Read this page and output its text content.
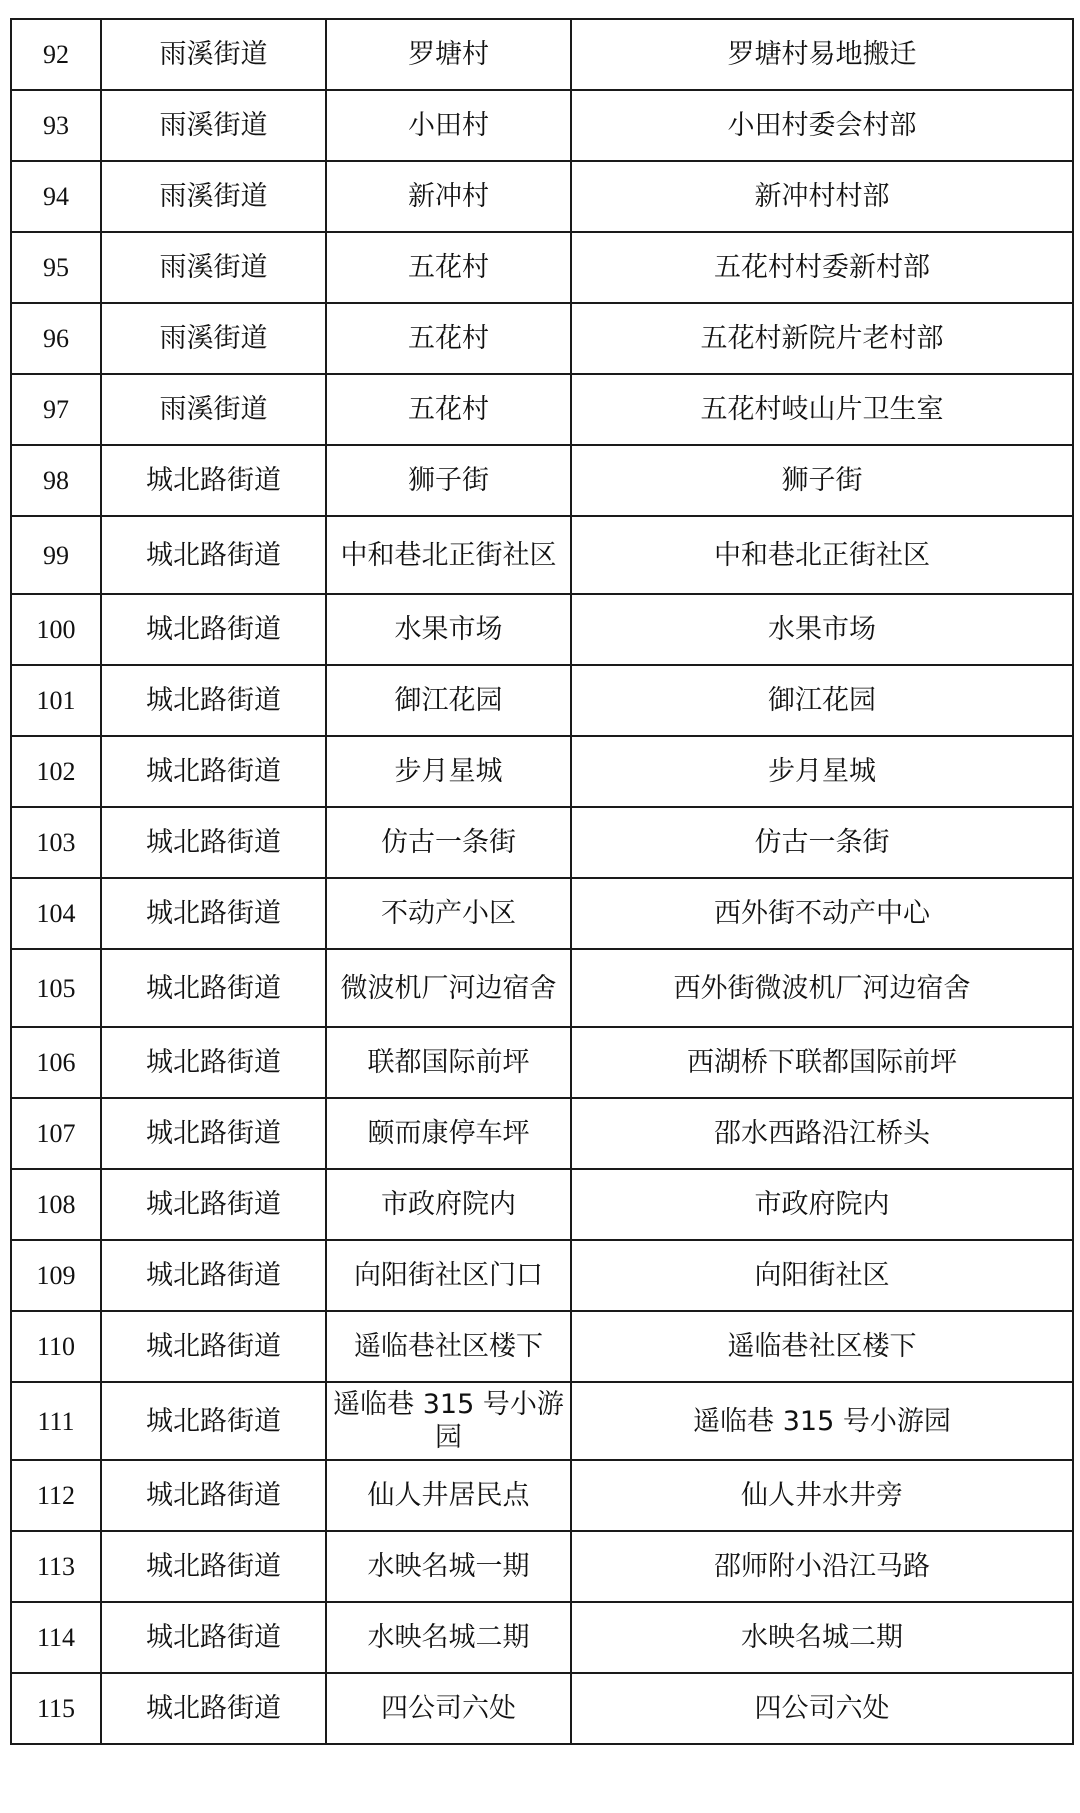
92	雨溪街道	罗塘村	罗塘村易地搬迁
93	雨溪街道	小田村	小田村委会村部
94	雨溪街道	新冲村	新冲村村部
95	雨溪街道	五花村	五花村村委新村部
96	雨溪街道	五花村	五花村新院片老村部
97	雨溪街道	五花村	五花村岐山片卫生室
98	城北路街道	狮子街	狮子街
99	城北路街道	中和巷北正街社区	中和巷北正街社区
100	城北路街道	水果市场	水果市场
101	城北路街道	御江花园	御江花园
102	城北路街道	步月星城	步月星城
103	城北路街道	仿古一条街	仿古一条街
104	城北路街道	不动产小区	西外街不动产中心
105	城北路街道	微波机厂河边宿舍	西外街微波机厂河边宿舍
106	城北路街道	联都国际前坪	西湖桥下联都国际前坪
107	城北路街道	颐而康停车坪	邵水西路沿江桥头
108	城北路街道	市政府院内	市政府院内
109	城北路街道	向阳街社区门口	向阳街社区
110	城北路街道	遥临巷社区楼下	遥临巷社区楼下
111	城北路街道	遥临巷 315 号小游园	遥临巷 315 号小游园
112	城北路街道	仙人井居民点	仙人井水井旁
113	城北路街道	水映名城一期	邵师附小沿江马路
114	城北路街道	水映名城二期	水映名城二期
115	城北路街道	四公司六处	四公司六处
